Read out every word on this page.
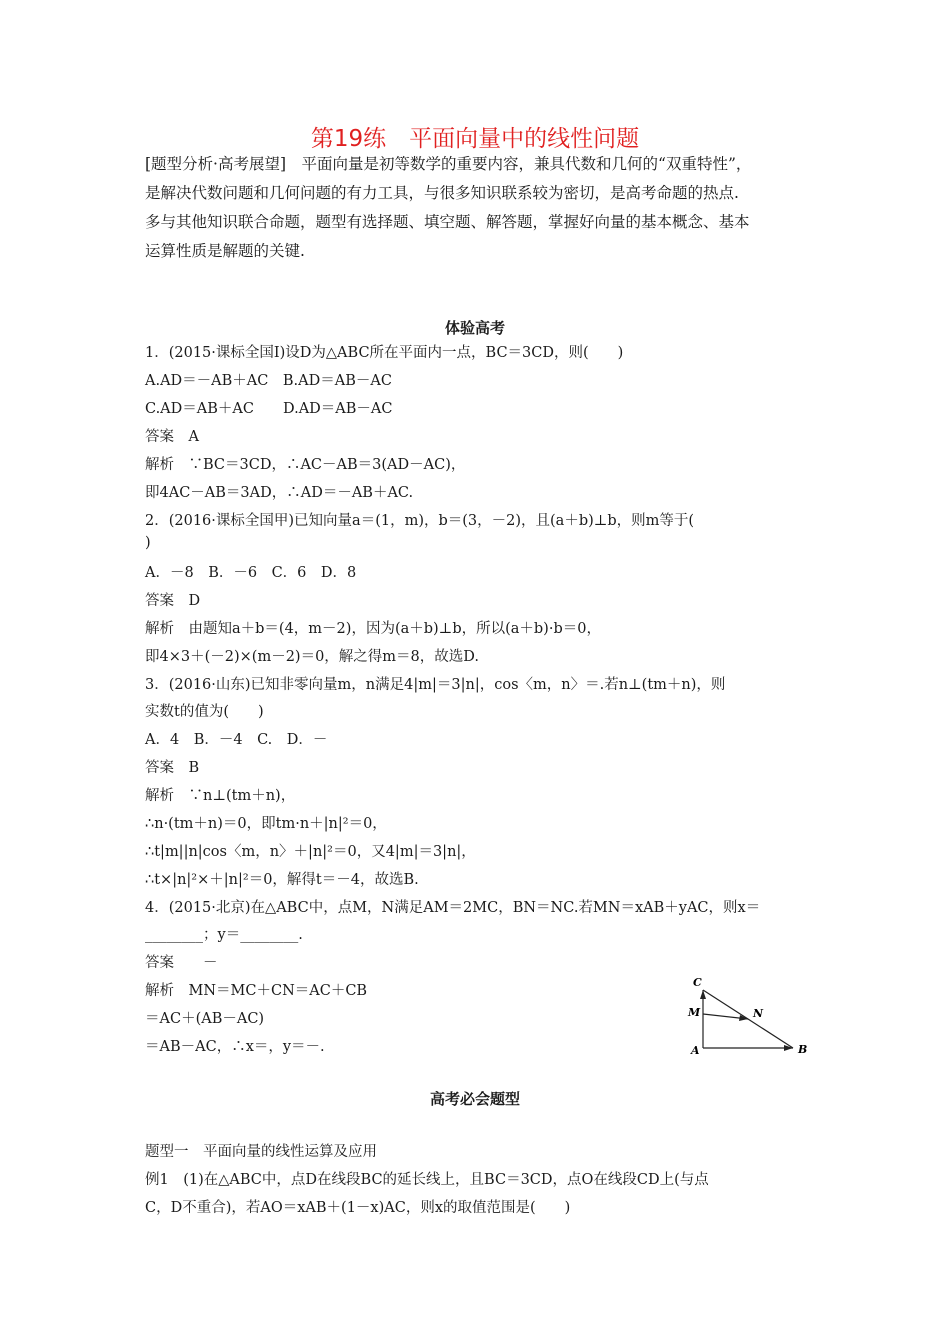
第19练　平面向量中的线性问题

[题型分析·高考展望]　平面向量是初等数学的重要内容，兼具代数和几何的“双重特性”，

是解决代数问题和几何问题的有力工具，与很多知识联系较为密切，是高考命题的热点.

多与其他知识联合命题，题型有选择题、填空题、解答题，掌握好向量的基本概念、基本

运算性质是解题的关键.

体验高考
1．(2015·课标全国Ⅰ)设D为△ABC所在平面内一点，BC＝3CD，则(　　)
A.AD＝－AB＋AC　B.AD＝AB－AC
C.AD＝AB＋AC　　D.AD＝AB－AC
答案　A
解析　∵BC＝3CD，∴AC－AB＝3(AD－AC)，
即4AC－AB＝3AD，∴AD＝－AB＋AC.
2．(2016·课标全国甲)已知向量a＝(1，m)，b＝(3，－2)，且(a＋b)⊥b，则m等于(
)
A．－8　B．－6　C．6　D．8
答案　D
解析　由题知a＋b＝(4，m－2)，因为(a＋b)⊥b，所以(a＋b)·b＝0，
即4×3＋(－2)×(m－2)＝0，解之得m＝8，故选D.
3．(2016·山东)已知非零向量m，n满足4|m|＝3|n|，cos〈m，n〉＝.若n⊥(tm＋n)，则
实数t的值为(　　)
A．4　B．－4　C.　D．－
答案　B
解析　∵n⊥(tm＋n)，
∴n·(tm＋n)＝0，即tm·n＋|n|²＝0，
∴t|m||n|cos〈m，n〉＋|n|²＝0，又4|m|＝3|n|，
∴t×|n|²×＋|n|²＝0，解得t＝－4，故选B.
4．(2015·北京)在△ABC中，点M，N满足AM＝2MC，BN＝NC.若MN＝xAB＋yAC，则x＝
________；y＝________.
答案　　－
解析　MN＝MC＋CN＝AC＋CB
＝AC＋(AB－AC)
＝AB－AC，∴x＝，y＝－.
C
M	N
A	B
高考必会题型
题型一　平面向量的线性运算及应用
例1　(1)在△ABC中，点D在线段BC的延长线上，且BC＝3CD，点O在线段CD上(与点
C，D不重合)，若AO＝xAB＋(1－x)AC，则x的取值范围是(　　)
